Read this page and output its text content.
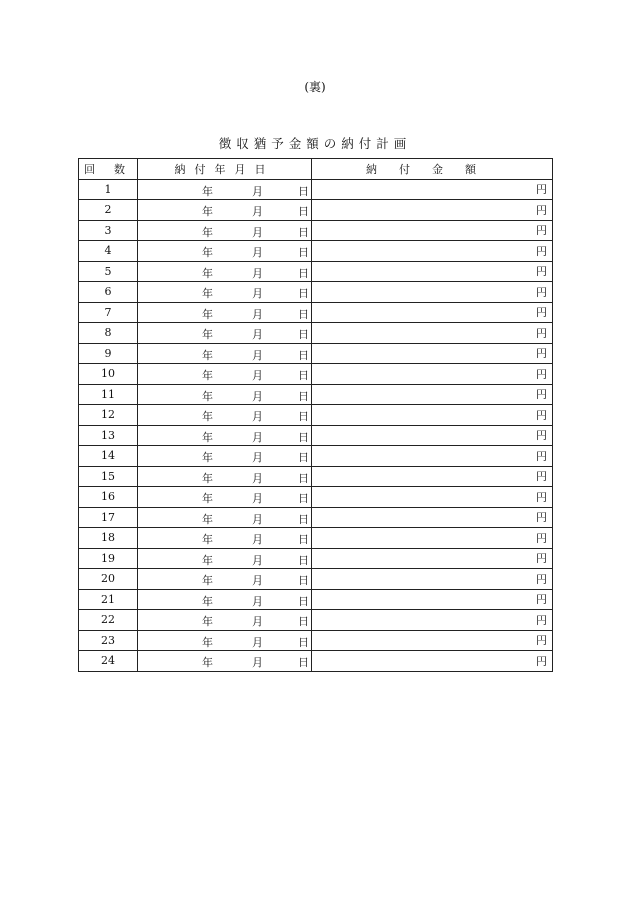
(裏)
徴収猶予金額の納付計画
回 数	納付年月日	納付金額
1	年 月 日	円
2	年 月 日	円
3	年 月 日	円
4	年 月 日	円
5	年 月 日	円
6	年 月 日	円
7	年 月 日	円
8	年 月 日	円
9	年 月 日	円
10	年 月 日	円
11	年 月 日	円
12	年 月 日	円
13	年 月 日	円
14	年 月 日	円
15	年 月 日	円
16	年 月 日	円
17	年 月 日	円
18	年 月 日	円
19	年 月 日	円
20	年 月 日	円
21	年 月 日	円
22	年 月 日	円
23	年 月 日	円
24	年 月 日	円
